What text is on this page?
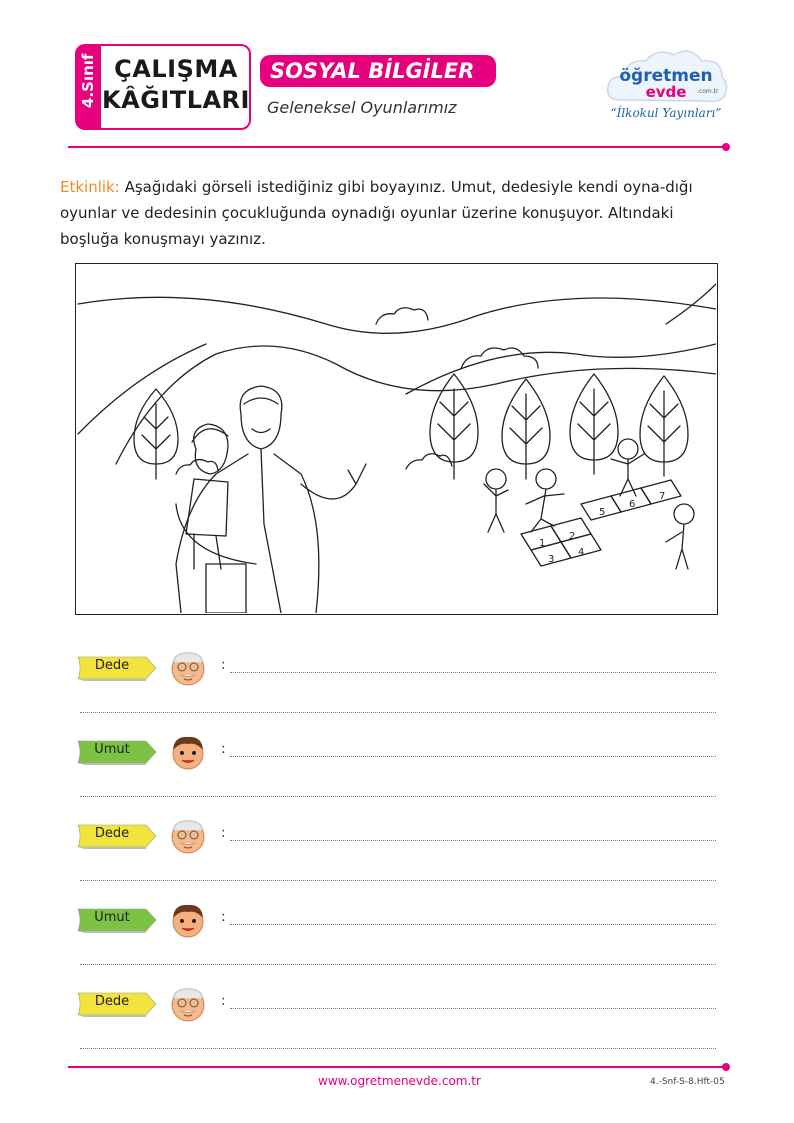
4.Sınıf ÇALIŞMA
KÂĞITLARI
SOSYAL BİLGİLER
Geleneksel Oyunlarımız
öğretmen
evde .com.tr
“İlkokul Yayınları”
Etkinlik: Aşağıdaki görseli istediğiniz gibi boyayınız. Umut, dedesiyle kendi oyna-dığı oyunlar ve dedesinin çocukluğunda oynadığı oyunlar üzerine konuşuyor. Altındaki boşluğa konuşmayı yazınız.
1
2
3
4
5
6
7
Dede	:
Umut	:
Dede	:
Umut	:
Dede	:
www.ogretmenevde.com.tr	4.-Snf-S-8.Hft-05
